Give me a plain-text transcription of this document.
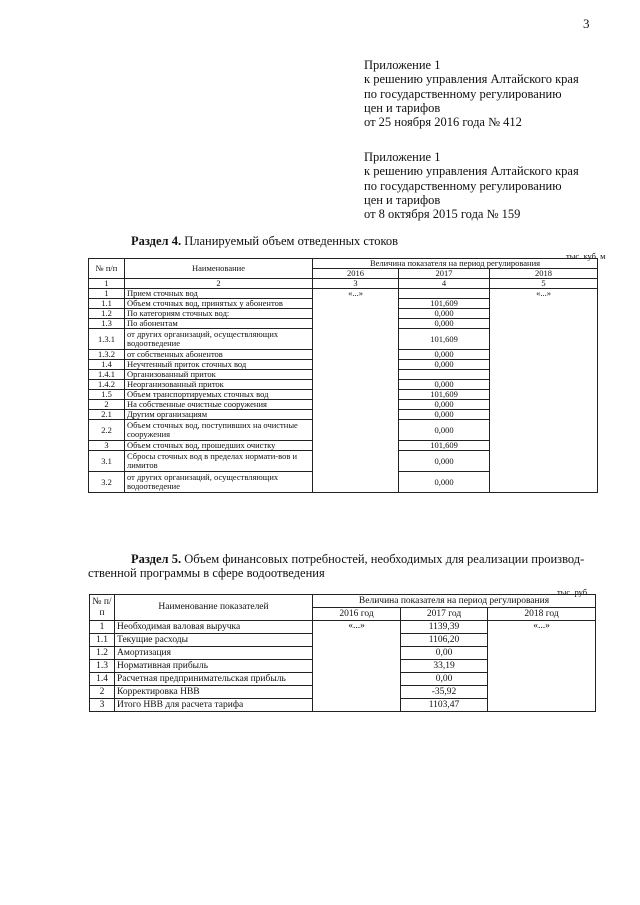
3
Приложение 1
к решению управления Алтайского края
по государственному регулированию
цен и тарифов
от 25 ноября 2016 года № 412
Приложение 1
к решению управления Алтайского края
по государственному регулированию
цен и тарифов
от 8 октября 2015 года № 159
Раздел 4. Планируемый объем отведенных стоков
тыс. куб. м
№ п/п	Наименование	Величина показателя на период регулирования		
		2016	2017	2018
1	2	3	4	5
1	Прием сточных вод	«...»		«...»
1.1	Объем сточных вод, принятых у абонентов		101,609	
1.2	По категориям сточных вод:		0,000	
1.3	По абонентам		0,000	
1.3.1	от других организаций, осуществляющих водоотведение		101,609	
1.3.2	от собственных абонентов		0,000	
1.4	Неучтенный приток сточных вод		0,000	
1.4.1	Организованный приток			
1.4.2	Неорганизованный приток		0,000	
1.5	Объем транспортируемых сточных вод		101,609	
2	На собственные очистные сооружения		0,000	
2.1	Другим организациям		0,000	
2.2	Объем сточных вод, поступивших на очистные сооружения		0,000	
3	Объем сточных вод, прошедших очистку		101,609	
3.1	Сбросы сточных вод в пределах нормати-вов и лимитов		0,000	
3.2	от других организаций, осуществляющих водоотведение		0,000	
Раздел 5. Объем финансовых потребностей, необходимых для реализации производ-
ственной программы в сфере водоотведения
тыс. руб.
№ п/ п	Наименование показателей	Величина показателя на период регулирования		
		2016 год	2017 год	2018 год
1	Необходимая валовая выручка	«...»	1139,39	«...»
1.1	Текущие расходы		1106,20	
1.2	Амортизация		0,00	
1.3	Нормативная прибыль		33,19	
1.4	Расчетная предпринимательская прибыль		0,00	
2	Корректировка НВВ		-35,92	
3	Итого НВВ для расчета тарифа		1103,47	
